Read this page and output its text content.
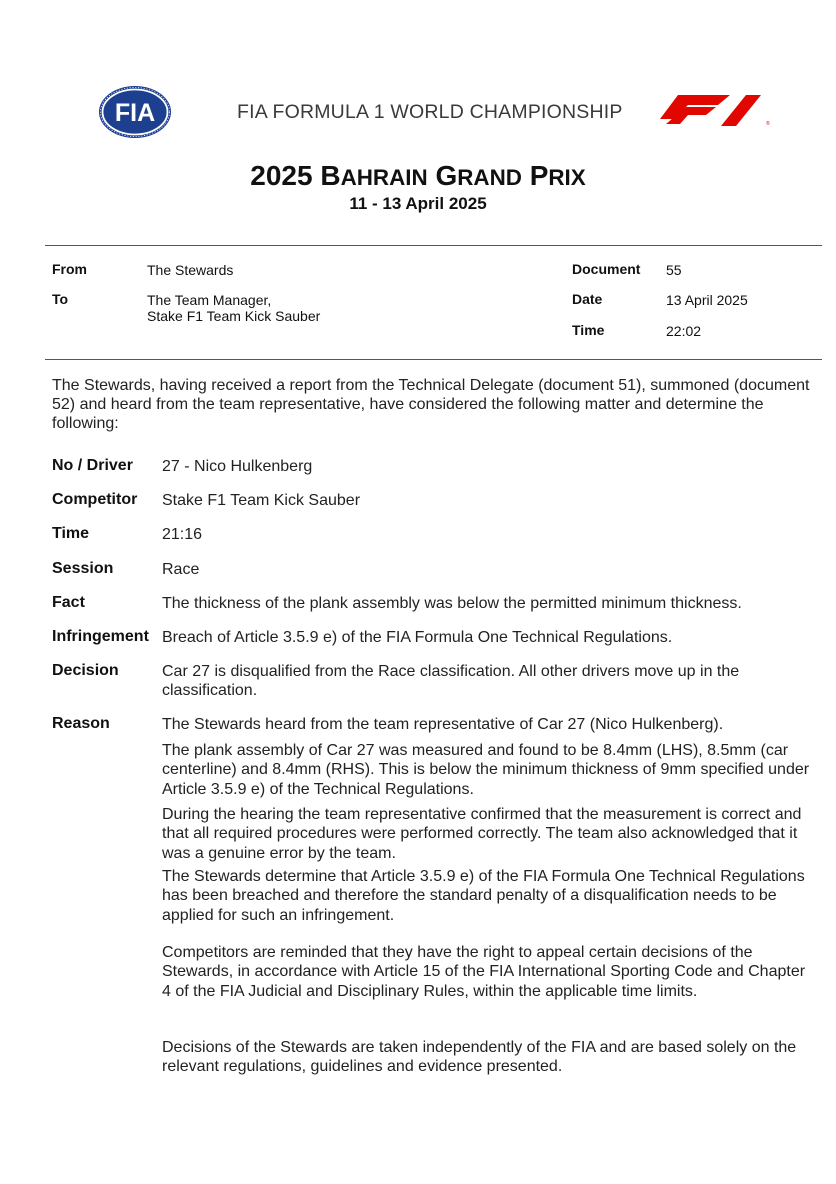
FIA	FIA FORMULA 1 WORLD CHAMPIONSHIP
®
2025 BAHRAIN GRAND PRIX
11 - 13 April 2025
From	The Stewards
To	The Team Manager,
Stake F1 Team Kick Sauber
Document 55
Date	13 April 2025
Time	22:02
The Stewards, having received a report from the Technical Delegate (document 51), summoned (document 52) and heard from the team representative, have considered the following matter and determine the following:
No / Driver 27 - Nico Hulkenberg
Competitor Stake F1 Team Kick Sauber
Time	21:16
Session	Race
Fact	The thickness of the plank assembly was below the permitted minimum thickness.
Infringement Breach of Article 3.5.9 e) of the FIA Formula One Technical Regulations.
Decision	Car 27 is disqualified from the Race classification. All other drivers move up in the classification.
Reason	The Stewards heard from the team representative of Car 27 (Nico Hulkenberg).
The plank assembly of Car 27 was measured and found to be 8.4mm (LHS), 8.5mm (car centerline) and 8.4mm (RHS). This is below the minimum thickness of 9mm specified under Article 3.5.9 e) of the Technical Regulations.
During the hearing the team representative confirmed that the measurement is correct and that all required procedures were performed correctly. The team also acknowledged that it was a genuine error by the team.
The Stewards determine that Article 3.5.9 e) of the FIA Formula One Technical Regulations has been breached and therefore the standard penalty of a disqualification needs to be applied for such an infringement.
Competitors are reminded that they have the right to appeal certain decisions of the Stewards, in accordance with Article 15 of the FIA International Sporting Code and Chapter 4 of the FIA Judicial and Disciplinary Rules, within the applicable time limits.
Decisions of the Stewards are taken independently of the FIA and are based solely on the relevant regulations, guidelines and evidence presented.
